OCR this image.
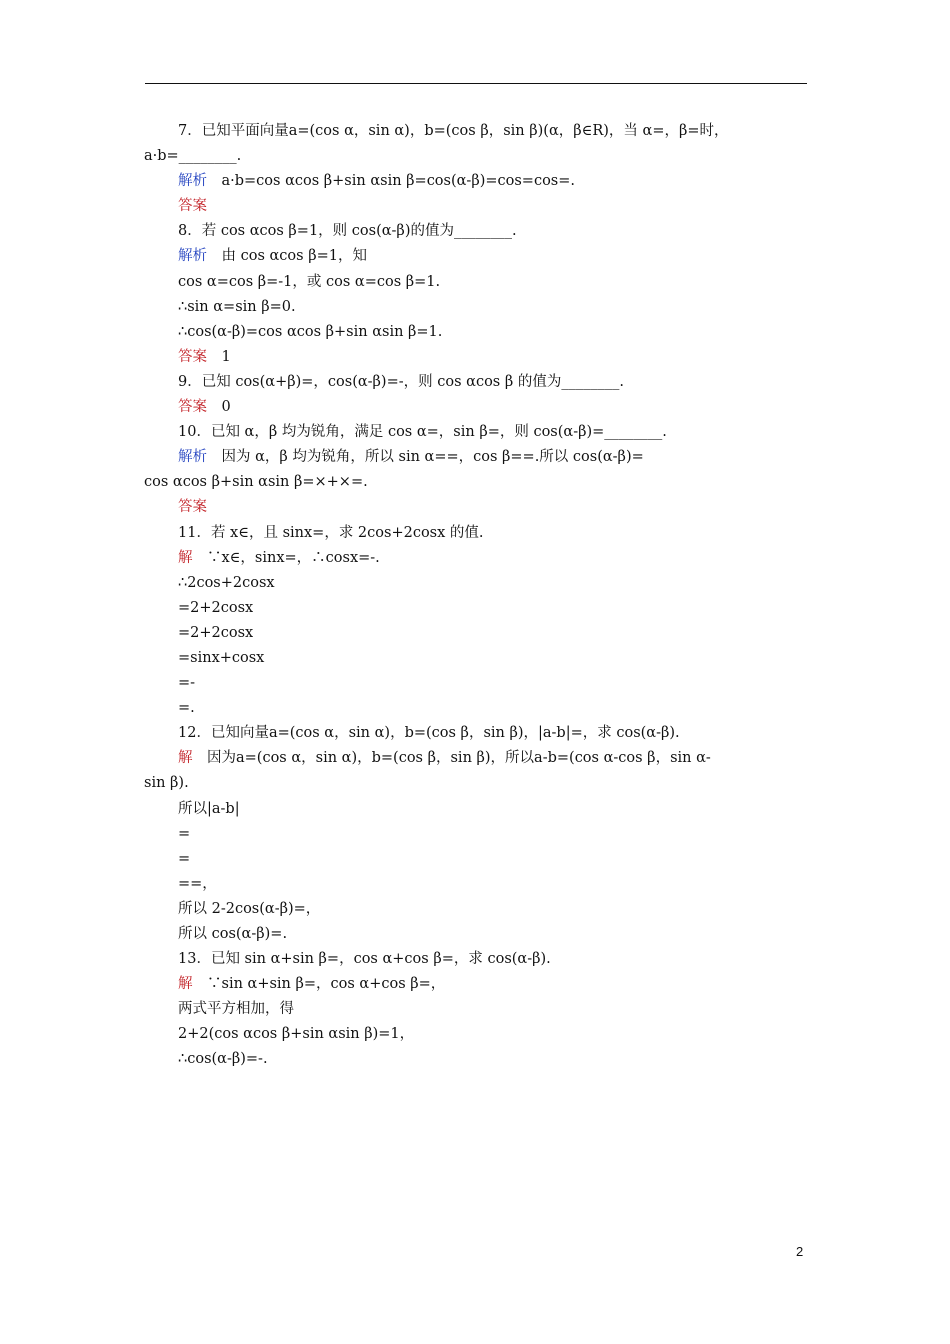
7．已知平面向量a=(cos α，sin α)，b=(cos β，sin β)(α，β∈R)，当 α=，β=时，
a·b=________.
解析　a·b=cos αcos β+sin αsin β=cos(α-β)=cos=cos=.
答案
8．若 cos αcos β=1，则 cos(α-β)的值为________.
解析　由 cos αcos β=1，知
cos α=cos β=-1，或 cos α=cos β=1.
∴sin α=sin β=0.
∴cos(α-β)=cos αcos β+sin αsin β=1.
答案　1
9．已知 cos(α+β)=，cos(α-β)=-，则 cos αcos β 的值为________.
答案　0
10．已知 α，β 均为锐角，满足 cos α=，sin β=，则 cos(α-β)=________.
解析　因为 α，β 均为锐角，所以 sin α==，cos β==.所以 cos(α-β)=
cos αcos β+sin αsin β=×+×=.
答案
11．若 x∈，且 sinx=，求 2cos+2cosx 的值.
解　∵x∈，sinx=，∴cosx=-.
∴2cos+2cosx
=2+2cosx
=2+2cosx
=sinx+cosx
=-
=.
12．已知向量a=(cos α，sin α)，b=(cos β，sin β)，|a-b|=，求 cos(α-β).
解　因为a=(cos α，sin α)，b=(cos β，sin β)，所以a-b=(cos α-cos β，sin α-
sin β).
所以|a-b|
=
=
==，
所以 2-2cos(α-β)=，
所以 cos(α-β)=.
13．已知 sin α+sin β=，cos α+cos β=，求 cos(α-β).
解　∵sin α+sin β=，cos α+cos β=，
两式平方相加，得
2+2(cos αcos β+sin αsin β)=1，
∴cos(α-β)=-.
2
